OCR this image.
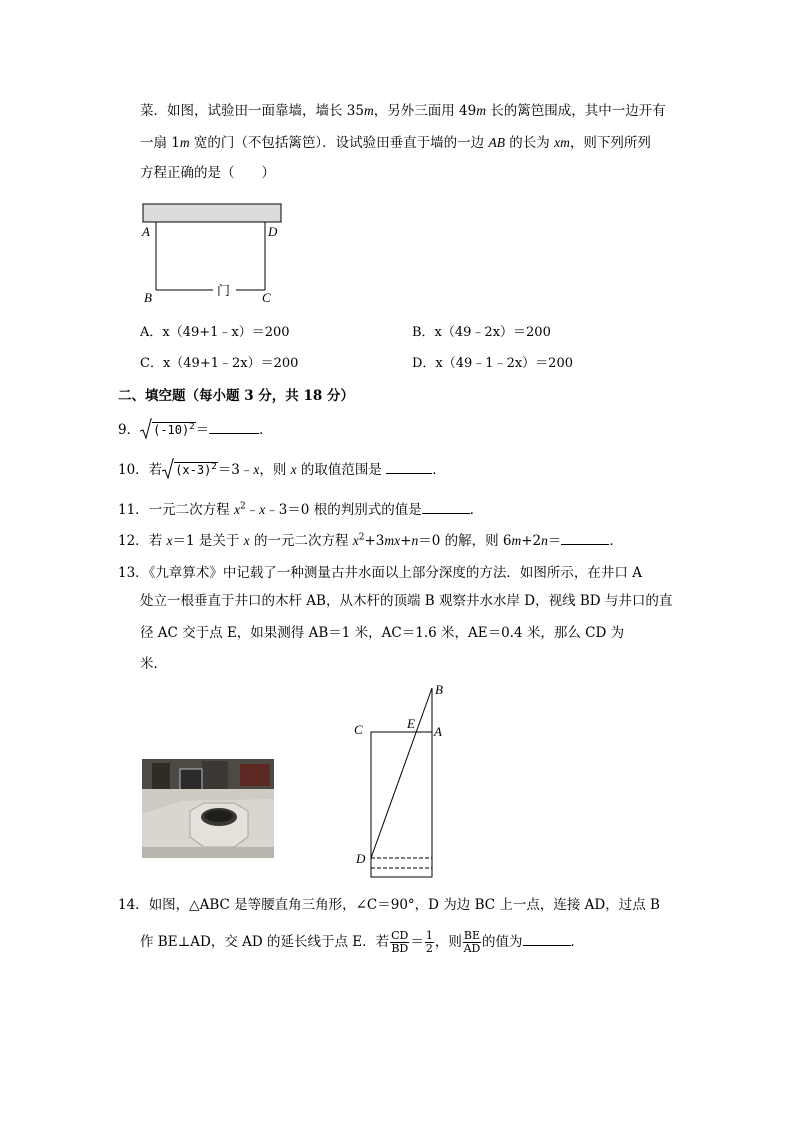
菜．如图，试验田一面靠墙，墙长 35m，另外三面用 49m 长的篱笆围成，其中一边开有
一扇 1m 宽的门（不包括篱笆）．设试验田垂直于墙的一边 AB 的长为 xm，则下列所列
方程正确的是（　　）
A	D
B	C
门
A．x（49+1﹣x）＝200	B．x（49﹣2x）＝200
C．x（49+1﹣2x）＝200	D．x（49﹣1﹣2x）＝200
二、填空题（每小题 3 分，共 18 分）
9． $(-10)^2=$	．
10．若 $(x-3)^2=3﹣x$，则 x 的取值范围是	．
11．一元二次方程 $x^2﹣x﹣3=0$ 根的判别式的值是	．
12．若 x＝1 是关于 x 的一元二次方程 $x^2+3mx+n=0$ 的解，则 6m+2n＝	．
13．《九章算术》中记载了一种测量古井水面以上部分深度的方法．如图所示，在井口 A
处立一根垂直于井口的木杆 AB，从木杆的顶端 B 观察井水水岸 D，视线 BD 与井口的直
径 AC 交于点 E，如果测得 AB＝1 米，AC＝1.6 米，AE＝0.4 米，那么 CD 为
米．
B
C	E
A
D
14．如图，△ABC 是等腰直角三角形，∠C＝90°，D 为边 BC 上一点，连接 AD，过点 B
作 BE⊥AD，交 AD 的延长线于点 E．若 $\frac{CD}{BD} = \frac{1}{2}$ ，则 $\frac{BE}{AD}$ 的值为	．
